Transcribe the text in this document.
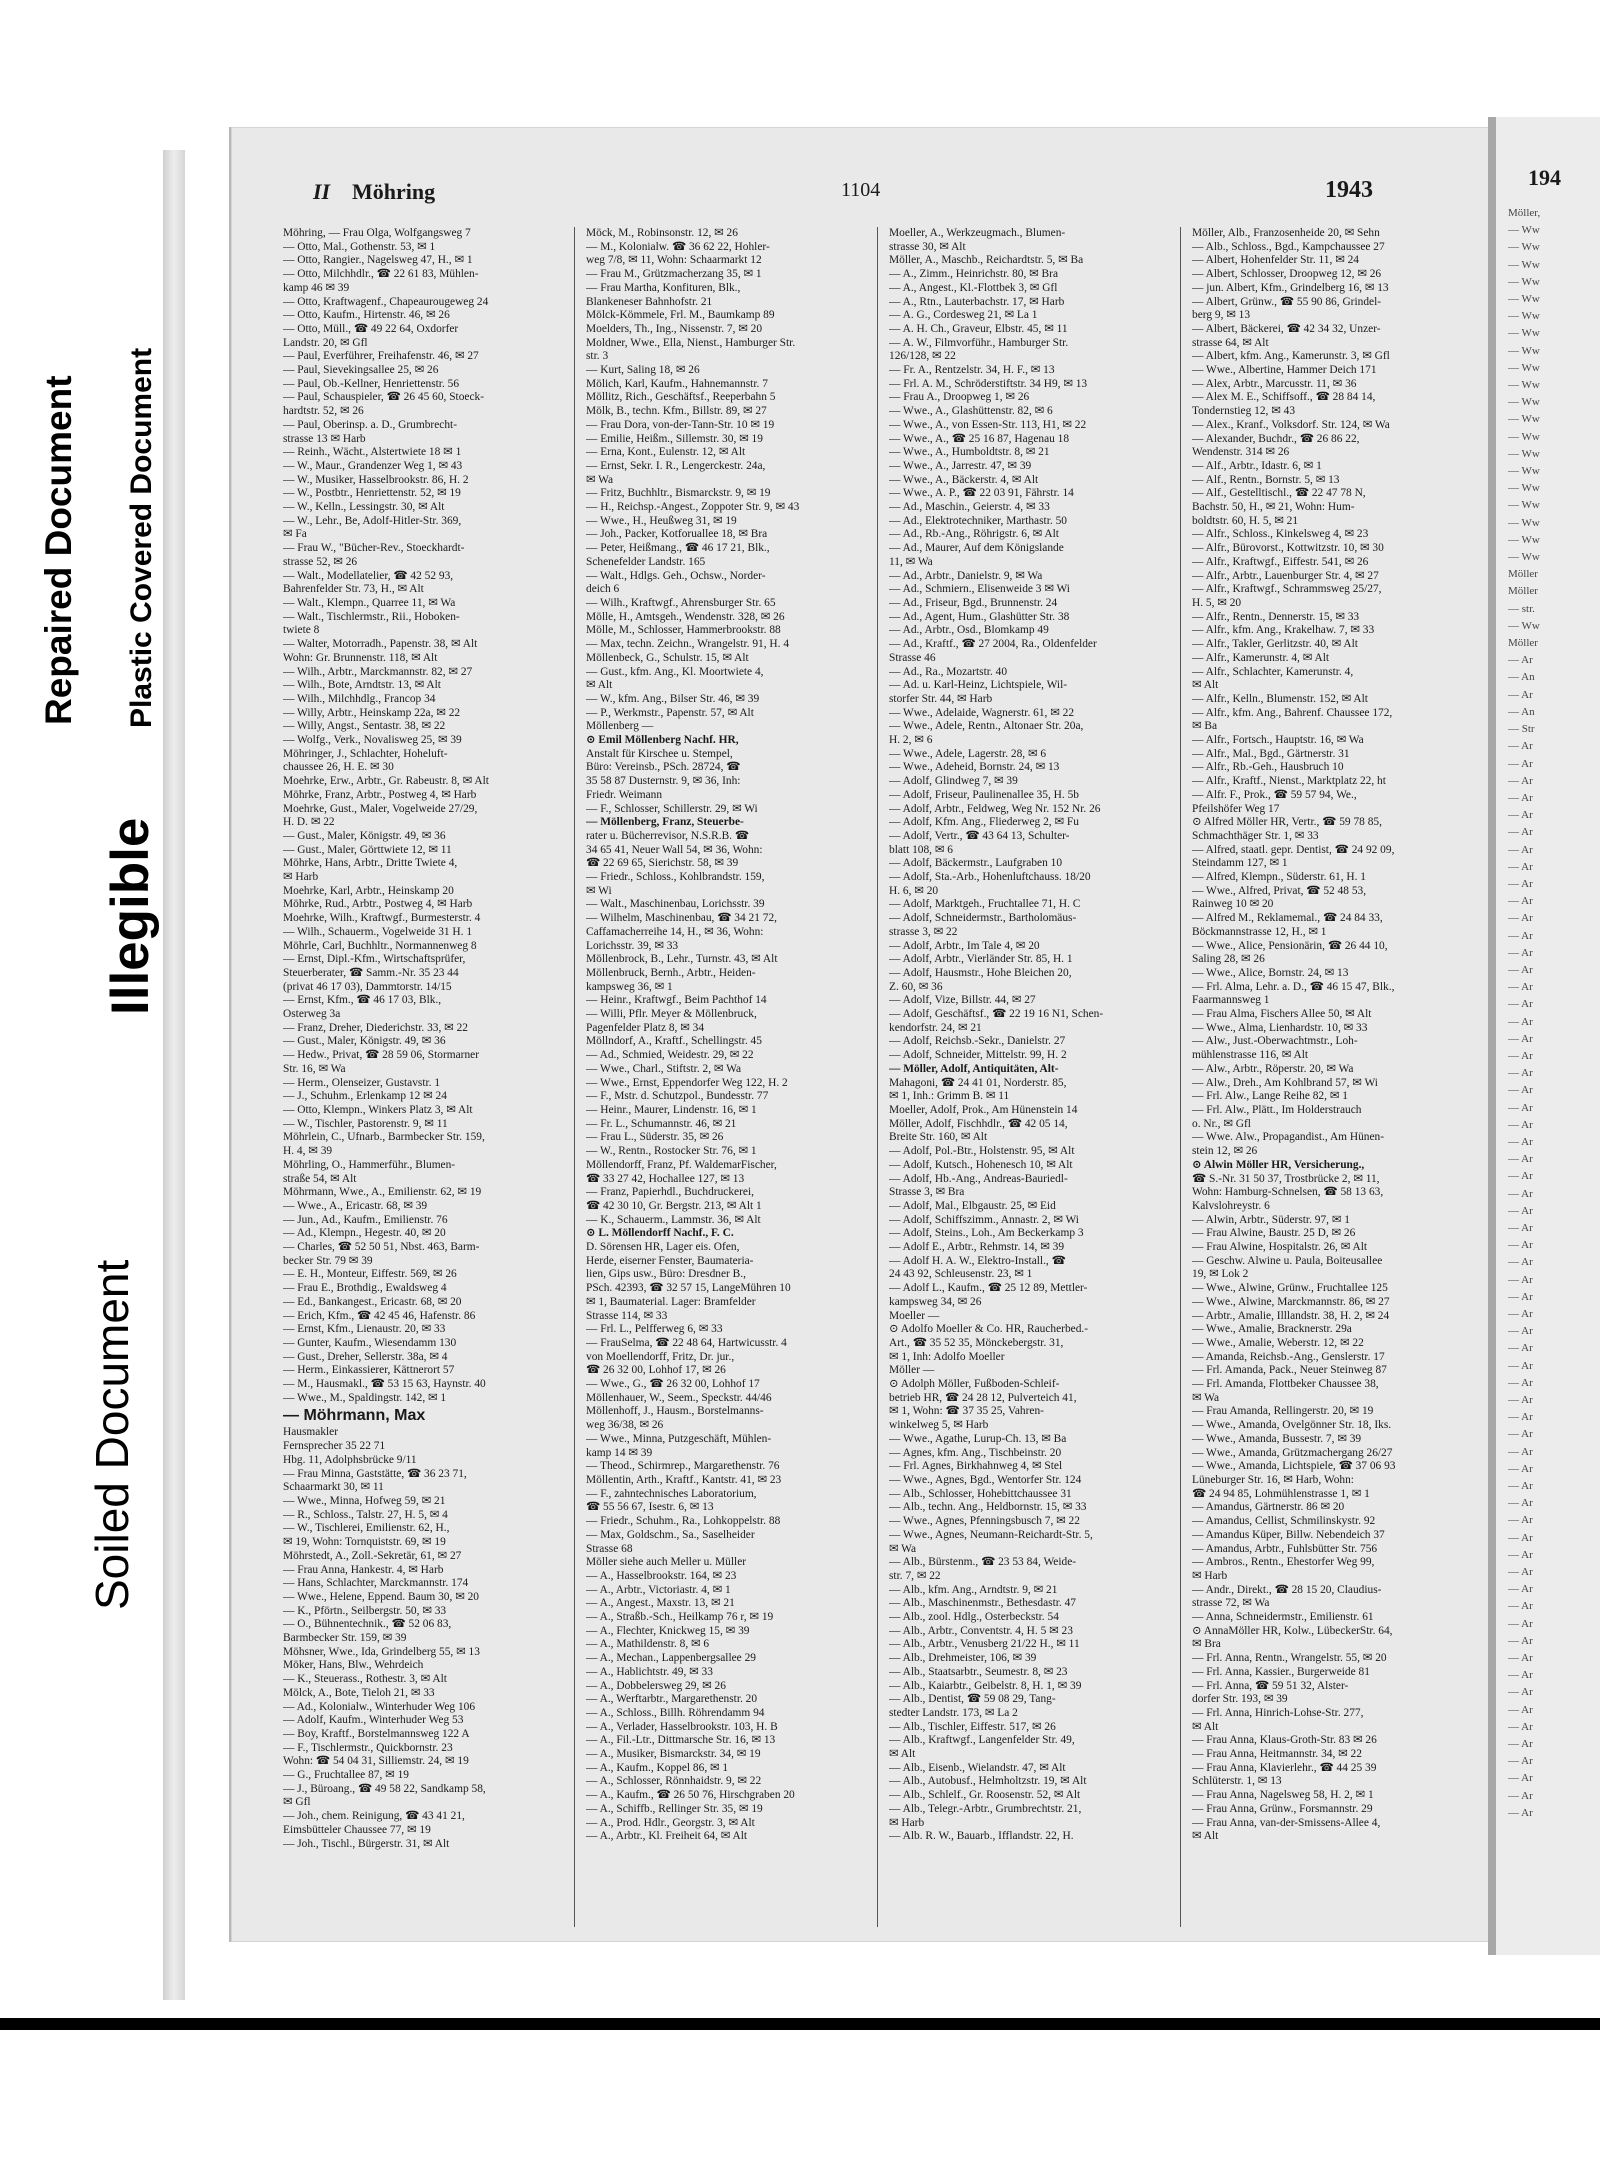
Repaired Document Plastic Covered Document
Illegible
Soiled Document
II Möhring	1104	1943
Möhring, — Frau Olga, Wolfgangsweg 7
— Otto, Mal., Gothenstr. 53, ✉ 1
— Otto, Rangier., Nagelsweg 47, H., ✉ 1
— Otto, Milchhdlr., ☎ 22 61 83, Mühlen-
kamp 46 ✉ 39
— Otto, Kraftwagenf., Chapeaurougeweg 24
— Otto, Kaufm., Hirtenstr. 46, ✉ 26
— Otto, Müll., ☎ 49 22 64, Oxdorfer
Landstr. 20, ✉ Gfl
— Paul, Everführer, Freihafenstr. 46, ✉ 27
— Paul, Sievekingsallee 25, ✉ 26
— Paul, Ob.-Kellner, Henriettenstr. 56
— Paul, Schauspieler, ☎ 26 45 60, Stoeck-
hardtstr. 52, ✉ 26
— Paul, Oberinsp. a. D., Grumbrecht-
strasse 13 ✉ Harb
— Reinh., Wächt., Alstertwiete 18 ✉ 1
— W., Maur., Grandenzer Weg 1, ✉ 43
— W., Musiker, Hasselbrookstr. 86, H. 2
— W., Postbtr., Henriettenstr. 52, ✉ 19
— W., Kelln., Lessingstr. 30, ✉ Alt
— W., Lehr., Be, Adolf-Hitler-Str. 369,
✉ Fa
— Frau W., "Bücher-Rev., Stoeckhardt-
strasse 52, ✉ 26
— Walt., Modellatelier, ☎ 42 52 93,
Bahrenfelder Str. 73, H., ✉ Alt
— Walt., Klempn., Quarree 11, ✉ Wa
— Walt., Tischlermstr., Rii., Hoboken-
twiete 8
— Walter, Motorradh., Papenstr. 38, ✉ Alt
Wohn: Gr. Brunnenstr. 118, ✉ Alt
— Wilh., Arbtr., Marckmannstr. 82, ✉ 27
— Wilh., Bote, Arndtstr. 13, ✉ Alt
— Wilh., Milchhdlg., Francop 34
— Willy, Arbtr., Heinskamp 22a, ✉ 22
— Willy, Angst., Sentastr. 38, ✉ 22
— Wolfg., Verk., Novalisweg 25, ✉ 39
Möhringer, J., Schlachter, Hoheluft-
chaussee 26, H. E. ✉ 30
Moehrke, Erw., Arbtr., Gr. Rabeustr. 8, ✉ Alt
Möhrke, Franz, Arbtr., Postweg 4, ✉ Harb
Moehrke, Gust., Maler, Vogelweide 27/29,
H. D. ✉ 22
— Gust., Maler, Königstr. 49, ✉ 36
— Gust., Maler, Görttwiete 12, ✉ 11
Möhrke, Hans, Arbtr., Dritte Twiete 4,
✉ Harb
Moehrke, Karl, Arbtr., Heinskamp 20
Möhrke, Rud., Arbtr., Postweg 4, ✉ Harb
Moehrke, Wilh., Kraftwgf., Burmesterstr. 4
— Wilh., Schauerm., Vogelweide 31 H. 1
Möhrle, Carl, Buchhltr., Normannenweg 8
— Ernst, Dipl.-Kfm., Wirtschaftsprüfer,
Steuerberater, ☎ Samm.-Nr. 35 23 44
(privat 46 17 03), Dammtorstr. 14/15
— Ernst, Kfm., ☎ 46 17 03, Blk.,
Osterweg 3a
— Franz, Dreher, Diederichstr. 33, ✉ 22
— Gust., Maler, Königstr. 49, ✉ 36
— Hedw., Privat, ☎ 28 59 06, Stormarner
Str. 16, ✉ Wa
— Herm., Olenseizer, Gustavstr. 1
— J., Schuhm., Erlenkamp 12 ✉ 24
— Otto, Klempn., Winkers Platz 3, ✉ Alt
— W., Tischler, Pastorenstr. 9, ✉ 11
Möhrlein, C., Ufnarb., Barmbecker Str. 159,
H. 4, ✉ 39
Möhrling, O., Hammerführ., Blumen-
straße 54, ✉ Alt
Möhrmann, Wwe., A., Emilienstr. 62, ✉ 19
— Wwe., A., Ericastr. 68, ✉ 39
— Jun., Ad., Kaufm., Emilienstr. 76
— Ad., Klempn., Hegestr. 40, ✉ 20
— Charles, ☎ 52 50 51, Nbst. 463, Barm-
becker Str. 79 ✉ 39
— E. H., Monteur, Eiffestr. 569, ✉ 26
— Frau E., Brothdig., Ewaldsweg 4
— Ed., Bankangest., Ericastr. 68, ✉ 20
— Erich, Kfm., ☎ 42 45 46, Hafenstr. 86
— Ernst, Kfm., Lienaustr. 20, ✉ 33
— Gunter, Kaufm., Wiesendamm 130
— Gust., Dreher, Sellerstr. 38a, ✉ 4
— Herm., Einkassierer, Kättnerort 57
— M., Hausmakl., ☎ 53 15 63, Haynstr. 40
— Wwe., M., Spaldingstr. 142, ✉ 1
— Möhrmann, Max
Hausmakler
Fernsprecher 35 22 71
Hbg. 11, Adolphsbrücke 9/11
— Frau Minna, Gaststätte, ☎ 36 23 71,
Schaarmarkt 30, ✉ 11
— Wwe., Minna, Hofweg 59, ✉ 21
— R., Schloss., Talstr. 27, H. 5, ✉ 4
— W., Tischlerei, Emilienstr. 62, H.,
✉ 19, Wohn: Tornquiststr. 69, ✉ 19
Möhrstedt, A., Zoll.-Sekretär, 61, ✉ 27
— Frau Anna, Hankestr. 4, ✉ Harb
— Hans, Schlachter, Marckmannstr. 174
— Wwe., Helene, Eppend. Baum 30, ✉ 20
— K., Pförtn., Seilbergstr. 50, ✉ 33
— O., Bühnentechnik., ☎ 52 06 83,
Barmbecker Str. 159, ✉ 39
Möhsner, Wwe., Ida, Grindelberg 55, ✉ 13
Möker, Hans, Blw., Wehrdeich
— K., Steuerass., Rothestr. 3, ✉ Alt
Mölck, A., Bote, Tieloh 21, ✉ 33
— Ad., Kolonialw., Winterhuder Weg 106
— Adolf, Kaufm., Winterhuder Weg 53
— Boy, Kraftf., Borstelmannsweg 122 A
— F., Tischlermstr., Quickbornstr. 23
Wohn: ☎ 54 04 31, Silliemstr. 24, ✉ 19
— G., Fruchtallee 87, ✉ 19
— J., Büroang., ☎ 49 58 22, Sandkamp 58,
✉ Gfl
— Joh., chem. Reinigung, ☎ 43 41 21,
Eimsbütteler Chaussee 77, ✉ 19
— Joh., Tischl., Bürgerstr. 31, ✉ Alt
Möck, M., Robinsonstr. 12, ✉ 26
— M., Kolonialw. ☎ 36 62 22, Hohler-
weg 7/8, ✉ 11, Wohn: Schaarmarkt 12
— Frau M., Grützmacherzang 35, ✉ 1
— Frau Martha, Konfituren, Blk.,
Blankeneser Bahnhofstr. 21
Mölck-Kömmele, Frl. M., Baumkamp 89
Moelders, Th., Ing., Nissenstr. 7, ✉ 20
Moldner, Wwe., Ella, Nienst., Hamburger Str.
str. 3
— Kurt, Saling 18, ✉ 26
Mölich, Karl, Kaufm., Hahnemannstr. 7
Möllitz, Rich., Geschäftsf., Reeperbahn 5
Mölk, B., techn. Kfm., Billstr. 89, ✉ 27
— Frau Dora, von-der-Tann-Str. 10 ✉ 19
— Emilie, Heißm., Sillemstr. 30, ✉ 19
— Erna, Kont., Eulenstr. 12, ✉ Alt
— Ernst, Sekr. I. R., Lengerckestr. 24a,
✉ Wa
— Fritz, Buchhltr., Bismarckstr. 9, ✉ 19
— H., Reichsp.-Angest., Zoppoter Str. 9, ✉ 43
— Wwe., H., Heußweg 31, ✉ 19
— Joh., Packer, Kotforuallee 18, ✉ Bra
— Peter, Heißmang., ☎ 46 17 21, Blk.,
Schenefelder Landstr. 165
— Walt., Hdlgs. Geh., Ochsw., Norder-
deich 6
— Wilh., Kraftwgf., Ahrensburger Str. 65
Mölle, H., Amtsgeh., Wendenstr. 328, ✉ 26
Mölle, M., Schlosser, Hammerbrookstr. 88
— Max, techn. Zeichn., Wrangelstr. 91, H. 4
Möllenbeck, G., Schulstr. 15, ✉ Alt
— Gust., kfm. Ang., Kl. Moortwiete 4,
✉ Alt
— W., kfm. Ang., Bilser Str. 46, ✉ 39
— P., Werkmstr., Papenstr. 57, ✉ Alt
Möllenberg —
⊙ Emil Möllenberg Nachf. HR,
Anstalt für Kirschee u. Stempel,
Büro: Vereinsb., PSch. 28724, ☎
35 58 87 Dusternstr. 9, ✉ 36, Inh:
Friedr. Weimann
— F., Schlosser, Schillerstr. 29, ✉ Wi
— Möllenberg, Franz, Steuerbe-
rater u. Bücherrevisor, N.S.R.B. ☎
34 65 41, Neuer Wall 54, ✉ 36, Wohn:
☎ 22 69 65, Sierichstr. 58, ✉ 39
— Friedr., Schloss., Kohlbrandstr. 159,
✉ Wi
— Walt., Maschinenbau, Lorichsstr. 39
— Wilhelm, Maschinenbau, ☎ 34 21 72,
Caffamacherreihe 14, H., ✉ 36, Wohn:
Lorichsstr. 39, ✉ 33
Möllenbrock, B., Lehr., Turnstr. 43, ✉ Alt
Möllenbruck, Bernh., Arbtr., Heiden-
kampsweg 36, ✉ 1
— Heinr., Kraftwgf., Beim Pachthof 14
— Willi, Pflr. Meyer & Möllenbruck,
Pagenfelder Platz 8, ✉ 34
Möllndorf, A., Kraftf., Schellingstr. 45
— Ad., Schmied, Weidestr. 29, ✉ 22
— Wwe., Charl., Stiftstr. 2, ✉ Wa
— Wwe., Ernst, Eppendorfer Weg 122, H. 2
— F., Mstr. d. Schutzpol., Bundesstr. 77
— Heinr., Maurer, Lindenstr. 16, ✉ 1
— Fr. L., Schumannstr. 46, ✉ 21
— Frau L., Süderstr. 35, ✉ 26
— W., Rentn., Rostocker Str. 76, ✉ 1
Möllendorff, Franz, Pf. WaldemarFischer,
☎ 33 27 42, Hochallee 127, ✉ 13
— Franz, Papierhdl., Buchdruckerei,
☎ 42 30 10, Gr. Bergstr. 213, ✉ Alt 1
— K., Schauerm., Lammstr. 36, ✉ Alt
⊙ L. Möllendorff Nachf., F. C.
D. Sörensen HR, Lager eis. Ofen,
Herde, eiserner Fenster, Baumateria-
lien, Gips usw., Büro: Dresdner B.,
PSch. 42393, ☎ 32 57 15, LangeMühren 10
✉ 1, Baumaterial. Lager: Bramfelder
Strasse 114, ✉ 33
— Frl. L., Pelfferweg 6, ✉ 33
— FrauSelma, ☎ 22 48 64, Hartwicusstr. 4
von Moellendorff, Fritz, Dr. jur.,
☎ 26 32 00, Lohhof 17, ✉ 26
— Wwe., G., ☎ 26 32 00, Lohhof 17
Möllenhauer, W., Seem., Speckstr. 44/46
Möllenhoff, J., Hausm., Borstelmanns-
weg 36/38, ✉ 26
— Wwe., Minna, Putzgeschäft, Mühlen-
kamp 14 ✉ 39
— Theod., Schirmrep., Margarethenstr. 76
Möllentin, Arth., Kraftf., Kantstr. 41, ✉ 23
— F., zahntechnisches Laboratorium,
☎ 55 56 67, Isestr. 6, ✉ 13
— Friedr., Schuhm., Ra., Lohkoppelstr. 88
— Max, Goldschm., Sa., Saselheider
Strasse 68
Möller siehe auch Meller u. Müller
— A., Hasselbrookstr. 164, ✉ 23
— A., Arbtr., Victoriastr. 4, ✉ 1
— A., Angest., Maxstr. 13, ✉ 21
— A., Straßb.-Sch., Heilkamp 76 r, ✉ 19
— A., Flechter, Knickweg 15, ✉ 39
— A., Mathildenstr. 8, ✉ 6
— A., Mechan., Lappenbergsallee 29
— A., Hablichtstr. 49, ✉ 33
— A., Dobbelersweg 29, ✉ 26
— A., Werftarbtr., Margarethenstr. 20
— A., Schloss., Billh. Röhrendamm 94
— A., Verlader, Hasselbrookstr. 103, H. B
— A., Fil.-Ltr., Dittmarsche Str. 16, ✉ 13
— A., Musiker, Bismarckstr. 34, ✉ 19
— A., Kaufm., Koppel 86, ✉ 1
— A., Schlosser, Rönnhaidstr. 9, ✉ 22
— A., Kaufm., ☎ 26 50 76, Hirschgraben 20
— A., Schiffb., Rellinger Str. 35, ✉ 19
— A., Prod. Hdlr., Georgstr. 3, ✉ Alt
— A., Arbtr., Kl. Freiheit 64, ✉ Alt
Moeller, A., Werkzeugmach., Blumen-
strasse 30, ✉ Alt
Möller, A., Maschb., Reichardtstr. 5, ✉ Ba
— A., Zimm., Heinrichstr. 80, ✉ Bra
— A., Angest., Kl.-Flottbek 3, ✉ Gfl
— A., Rtn., Lauterbachstr. 17, ✉ Harb
— A. G., Cordesweg 21, ✉ La 1
— A. H. Ch., Graveur, Elbstr. 45, ✉ 11
— A. W., Filmvorführ., Hamburger Str.
126/128, ✉ 22
— Fr. A., Rentzelstr. 34, H. F., ✉ 13
— Frl. A. M., Schröderstiftstr. 34 H9, ✉ 13
— Frau A., Droopweg 1, ✉ 26
— Wwe., A., Glashüttenstr. 82, ✉ 6
— Wwe., A., von Essen-Str. 113, H1, ✉ 22
— Wwe., A., ☎ 25 16 87, Hagenau 18
— Wwe., A., Humboldtstr. 8, ✉ 21
— Wwe., A., Jarrestr. 47, ✉ 39
— Wwe., A., Bäckerstr. 4, ✉ Alt
— Wwe., A. P., ☎ 22 03 91, Fährstr. 14
— Ad., Maschin., Geierstr. 4, ✉ 33
— Ad., Elektrotechniker, Marthastr. 50
— Ad., Rb.-Ang., Röhrigstr. 6, ✉ Alt
— Ad., Maurer, Auf dem Königslande
11, ✉ Wa
— Ad., Arbtr., Danielstr. 9, ✉ Wa
— Ad., Schmiern., Elisenweide 3 ✉ Wi
— Ad., Friseur, Bgd., Brunnenstr. 24
— Ad., Agent, Hum., Glashütter Str. 38
— Ad., Arbtr., Osd., Blomkamp 49
— Ad., Kraftf., ☎ 27 2004, Ra., Oldenfelder
Strasse 46
— Ad., Ra., Mozartstr. 40
— Ad. u. Karl-Heinz, Lichtspiele, Wil-
storfer Str. 44, ✉ Harb
— Wwe., Adelaide, Wagnerstr. 61, ✉ 22
— Wwe., Adele, Rentn., Altonaer Str. 20a,
H. 2, ✉ 6
— Wwe., Adele, Lagerstr. 28, ✉ 6
— Wwe., Adeheid, Bornstr. 24, ✉ 13
— Adolf, Glindweg 7, ✉ 39
— Adolf, Friseur, Paulinenallee 35, H. 5b
— Adolf, Arbtr., Feldweg, Weg Nr. 152 Nr. 26
— Adolf, Kfm. Ang., Fliederweg 2, ✉ Fu
— Adolf, Vertr., ☎ 43 64 13, Schulter-
blatt 108, ✉ 6
— Adolf, Bäckermstr., Laufgraben 10
— Adolf, Sta.-Arb., Hohenluftchauss. 18/20
H. 6, ✉ 20
— Adolf, Marktgeh., Fruchtallee 71, H. C
— Adolf, Schneidermstr., Bartholomäus-
strasse 3, ✉ 22
— Adolf, Arbtr., Im Tale 4, ✉ 20
— Adolf, Arbtr., Vierländer Str. 85, H. 1
— Adolf, Hausmstr., Hohe Bleichen 20,
Z. 60, ✉ 36
— Adolf, Vize, Billstr. 44, ✉ 27
— Adolf, Geschäftsf., ☎ 22 19 16 N1, Schen-
kendorfstr. 24, ✉ 21
— Adolf, Reichsb.-Sekr., Danielstr. 27
— Adolf, Schneider, Mittelstr. 99, H. 2
— Möller, Adolf, Antiquitäten, Alt-
Mahagoni, ☎ 24 41 01, Norderstr. 85,
✉ 1, Inh.: Grimm B. ✉ 11
Moeller, Adolf, Prok., Am Hünenstein 14
Möller, Adolf, Fischhdlr., ☎ 42 05 14,
Breite Str. 160, ✉ Alt
— Adolf, Pol.-Btr., Holstenstr. 95, ✉ Alt
— Adolf, Kutsch., Hohenesch 10, ✉ Alt
— Adolf, Hb.-Ang., Andreas-Bauriedl-
Strasse 3, ✉ Bra
— Adolf, Mal., Elbgaustr. 25, ✉ Eid
— Adolf, Schiffszimm., Annastr. 2, ✉ Wi
— Adolf, Steins., Loh., Am Beckerkamp 3
— Adolf E., Arbtr., Rehmstr. 14, ✉ 39
— Adolf H. A. W., Elektro-Install., ☎
24 43 92, Schleusenstr. 23, ✉ 1
— Adolf L., Kaufm., ☎ 25 12 89, Mettler-
kampsweg 34, ✉ 26
Moeller —
⊙ Adolfo Moeller & Co. HR, Raucherbed.-
Art., ☎ 35 52 35, Mönckebergstr. 31,
✉ 1, Inh: Adolfo Moeller
Möller —
⊙ Adolph Möller, Fußboden-Schleif-
betrieb HR, ☎ 24 28 12, Pulverteich 41,
✉ 1, Wohn: ☎ 37 35 25, Vahren-
winkelweg 5, ✉ Harb
— Wwe., Agathe, Lurup-Ch. 13, ✉ Ba
— Agnes, kfm. Ang., Tischbeinstr. 20
— Frl. Agnes, Birkhahnweg 4, ✉ Stel
— Wwe., Agnes, Bgd., Wentorfer Str. 124
— Alb., Schlosser, Hohebittchaussee 31
— Alb., techn. Ang., Heldbornstr. 15, ✉ 33
— Wwe., Agnes, Pfenningsbusch 7, ✉ 22
— Wwe., Agnes, Neumann-Reichardt-Str. 5,
✉ Wa
— Alb., Bürstenm., ☎ 23 53 84, Weide-
str. 7, ✉ 22
— Alb., kfm. Ang., Arndtstr. 9, ✉ 21
— Alb., Maschinenmstr., Bethesdastr. 47
— Alb., zool. Hdlg., Osterbeckstr. 54
— Alb., Arbtr., Conventstr. 4, H. 5 ✉ 23
— Alb., Arbtr., Venusberg 21/22 H., ✉ 11
— Alb., Drehmeister, 106, ✉ 39
— Alb., Staatsarbtr., Seumestr. 8, ✉ 23
— Alb., Kaiarbtr., Geibelstr. 8, H. 1, ✉ 39
— Alb., Dentist, ☎ 59 08 29, Tang-
stedter Landstr. 173, ✉ La 2
— Alb., Tischler, Eiffestr. 517, ✉ 26
— Alb., Kraftwgf., Langenfelder Str. 49,
✉ Alt
— Alb., Eisenb., Wielandstr. 47, ✉ Alt
— Alb., Autobusf., Helmholtzstr. 19, ✉ Alt
— Alb., Schlelf., Gr. Roosenstr. 52, ✉ Alt
— Alb., Telegr.-Arbtr., Grumbrechtstr. 21,
✉ Harb
— Alb. R. W., Bauarb., Ifflandstr. 22, H.
Möller, Alb., Franzosenheide 20, ✉ Sehn
— Alb., Schloss., Bgd., Kampchaussee 27
— Albert, Hohenfelder Str. 11, ✉ 24
— Albert, Schlosser, Droopweg 12, ✉ 26
— jun. Albert, Kfm., Grindelberg 16, ✉ 13
— Albert, Grünw., ☎ 55 90 86, Grindel-
berg 9, ✉ 13
— Albert, Bäckerei, ☎ 42 34 32, Unzer-
strasse 64, ✉ Alt
— Albert, kfm. Ang., Kamerunstr. 3, ✉ Gfl
— Wwe., Albertine, Hammer Deich 171
— Alex, Arbtr., Marcusstr. 11, ✉ 36
— Alex M. E., Schiffsoff., ☎ 28 84 14,
Tondernstieg 12, ✉ 43
— Alex., Kranf., Volksdorf. Str. 124, ✉ Wa
— Alexander, Buchdr., ☎ 26 86 22,
Wendenstr. 314 ✉ 26
— Alf., Arbtr., Idastr. 6, ✉ 1
— Alf., Rentn., Bornstr. 5, ✉ 13
— Alf., Gestelltischl., ☎ 22 47 78 N,
Bachstr. 50, H., ✉ 21, Wohn: Hum-
boldtstr. 60, H. 5, ✉ 21
— Alfr., Schloss., Kinkelsweg 4, ✉ 23
— Alfr., Bürovorst., Kottwitzstr. 10, ✉ 30
— Alfr., Kraftwgf., Eiffestr. 541, ✉ 26
— Alfr., Arbtr., Lauenburger Str. 4, ✉ 27
— Alfr., Kraftwgf., Schrammsweg 25/27,
H. 5, ✉ 20
— Alfr., Rentn., Dennerstr. 15, ✉ 33
— Alfr., kfm. Ang., Krakelhaw. 7, ✉ 33
— Alfr., Takler, Gerlitzstr. 40, ✉ Alt
— Alfr., Kamerunstr. 4, ✉ Alt
— Alfr., Schlachter, Kamerunstr. 4,
✉ Alt
— Alfr., Kelln., Blumenstr. 152, ✉ Alt
— Alfr., kfm. Ang., Bahrenf. Chaussee 172,
✉ Ba
— Alfr., Fortsch., Hauptstr. 16, ✉ Wa
— Alfr., Mal., Bgd., Gärtnerstr. 31
— Alfr., Rb.-Geh., Hausbruch 10
— Alfr., Kraftf., Nienst., Marktplatz 22, ht
— Alfr. F., Prok., ☎ 59 57 94, We.,
Pfeilshöfer Weg 17
⊙ Alfred Möller HR, Vertr., ☎ 59 78 85,
Schmachthäger Str. 1, ✉ 33
— Alfred, staatl. gepr. Dentist, ☎ 24 92 09,
Steindamm 127, ✉ 1
— Alfred, Klempn., Süderstr. 61, H. 1
— Wwe., Alfred, Privat, ☎ 52 48 53,
Rainweg 10 ✉ 20
— Alfred M., Reklamemal., ☎ 24 84 33,
Böckmannstrasse 12, H., ✉ 1
— Wwe., Alice, Pensionärin, ☎ 26 44 10,
Saling 28, ✉ 26
— Wwe., Alice, Bornstr. 24, ✉ 13
— Frl. Alma, Lehr. a. D., ☎ 46 15 47, Blk.,
Faarmannsweg 1
— Frau Alma, Fischers Allee 50, ✉ Alt
— Wwe., Alma, Lienhardstr. 10, ✉ 33
— Alw., Just.-Oberwachtmstr., Loh-
mühlenstrasse 116, ✉ Alt
— Alw., Arbtr., Röperstr. 20, ✉ Wa
— Alw., Dreh., Am Kohlbrand 57, ✉ Wi
— Frl. Alw., Lange Reihe 82, ✉ 1
— Frl. Alw., Plätt., Im Holderstrauch
o. Nr., ✉ Gfl
— Wwe. Alw., Propagandist., Am Hünen-
stein 12, ✉ 26
⊙ Alwin Möller HR, Versicherung.,
☎ S.-Nr. 31 50 37, Trostbrücke 2, ✉ 11,
Wohn: Hamburg-Schnelsen, ☎ 58 13 63,
Kalvslohreystr. 6
— Alwin, Arbtr., Süderstr. 97, ✉ 1
— Frau Alwine, Baustr. 25 D, ✉ 26
— Frau Alwine, Hospitalstr. 26, ✉ Alt
— Geschw. Alwine u. Paula, Boiteusallee
19, ✉ Lok 2
— Wwe., Alwine, Grünw., Fruchtallee 125
— Wwe., Alwine, Marckmannstr. 86, ✉ 27
— Arbtr., Amalie, Illlandstr. 38, H. 2, ✉ 24
— Wwe., Amalie, Bracknerstr. 29a
— Wwe., Amalie, Weberstr. 12, ✉ 22
— Amanda, Reichsb.-Ang., Genslerstr. 17
— Frl. Amanda, Pack., Neuer Steinweg 87
— Frl. Amanda, Flottbeker Chaussee 38,
✉ Wa
— Frau Amanda, Rellingerstr. 20, ✉ 19
— Wwe., Amanda, Ovelgönner Str. 18, Iks.
— Wwe., Amanda, Bussestr. 7, ✉ 39
— Wwe., Amanda, Grützmachergang 26/27
— Wwe., Amanda, Lichtspiele, ☎ 37 06 93
Lüneburger Str. 16, ✉ Harb, Wohn:
☎ 24 94 85, Lohmühlenstrasse 1, ✉ 1
— Amandus, Gärtnerstr. 86 ✉ 20
— Amandus, Cellist, Schmilinskystr. 92
— Amandus Küper, Billw. Nebendeich 37
— Amandus, Arbtr., Fuhlsbütter Str. 756
— Ambros., Rentn., Ehestorfer Weg 99,
✉ Harb
— Andr., Direkt., ☎ 28 15 20, Claudius-
strasse 72, ✉ Wa
— Anna, Schneidermstr., Emilienstr. 61
⊙ AnnaMöller HR, Kolw., LübeckerStr. 64,
✉ Bra
— Frl. Anna, Rentn., Wrangelstr. 55, ✉ 20
— Frl. Anna, Kassier., Burgerweide 81
— Frl. Anna, ☎ 59 51 32, Alster-
dorfer Str. 193, ✉ 39
— Frl. Anna, Hinrich-Lohse-Str. 277,
✉ Alt
— Frau Anna, Klaus-Groth-Str. 83 ✉ 26
— Frau Anna, Heitmannstr. 34, ✉ 22
— Frau Anna, Klavierlehr., ☎ 44 25 39
Schlüterstr. 1, ✉ 13
— Frau Anna, Nagelsweg 58, H. 2, ✉ 1
— Frau Anna, Grünw., Forsmannstr. 29
— Frau Anna, van-der-Smissens-Allee 4,
✉ Alt
194
Möller,
— Ww
— Ww
— Ww
— Ww
— Ww
— Ww
— Ww
— Ww
— Ww
— Ww
— Ww
— Ww
— Ww
— Ww
— Ww
— Ww
— Ww
— Ww
— Ww
— Ww
Möller
Möller
— str.
— Ww
Möller
— Ar
— An
— Ar
— An
— Str
— Ar
— Ar
— Ar
— Ar
— Ar
— Ar
— Ar
— Ar
— Ar
— Ar
— Ar
— Ar
— Ar
— Ar
— Ar
— Ar
— Ar
— Ar
— Ar
— Ar
— Ar
— Ar
— Ar
— Ar
— Ar
— Ar
— Ar
— Ar
— Ar
— Ar
— Ar
— Ar
— Ar
— Ar
— Ar
— Ar
— Ar
— Ar
— Ar
— Ar
— Ar
— Ar
— Ar
— Ar
— Ar
— Ar
— Ar
— Ar
— Ar
— Ar
— Ar
— Ar
— Ar
— Ar
— Ar
— Ar
— Ar
— Ar
— Ar
— Ar
— Ar
— Ar
— Ar
